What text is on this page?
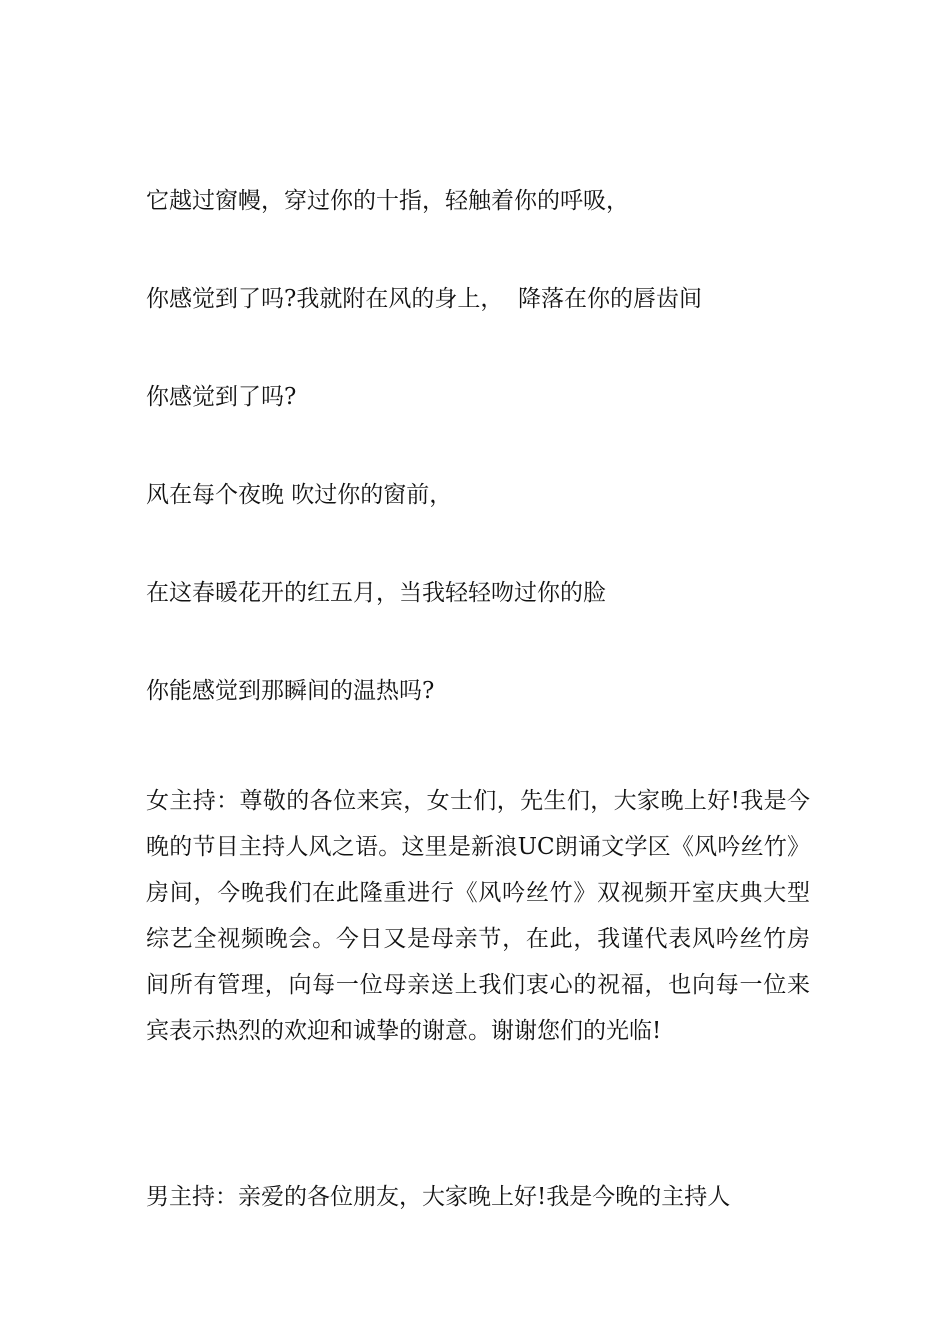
它越过窗幔，穿过你的十指，轻触着你的呼吸，
你感觉到了吗?我就附在风的身上，  降落在你的唇齿间
你感觉到了吗?
风在每个夜晚 吹过你的窗前，
在这春暖花开的红五月，当我轻轻吻过你的脸
你能感觉到那瞬间的温热吗?
女主持：尊敬的各位来宾，女士们，先生们，大家晚上好!我是今晚的节目主持人风之语。这里是新浪UC朗诵文学区《风吟丝竹》房间，今晚我们在此隆重进行《风吟丝竹》双视频开室庆典大型综艺全视频晚会。今日又是母亲节，在此，我谨代表风吟丝竹房间所有管理，向每一位母亲送上我们衷心的祝福，也向每一位来宾表示热烈的欢迎和诚挚的谢意。谢谢您们的光临!
男主持：亲爱的各位朋友，大家晚上好!我是今晚的主持人
